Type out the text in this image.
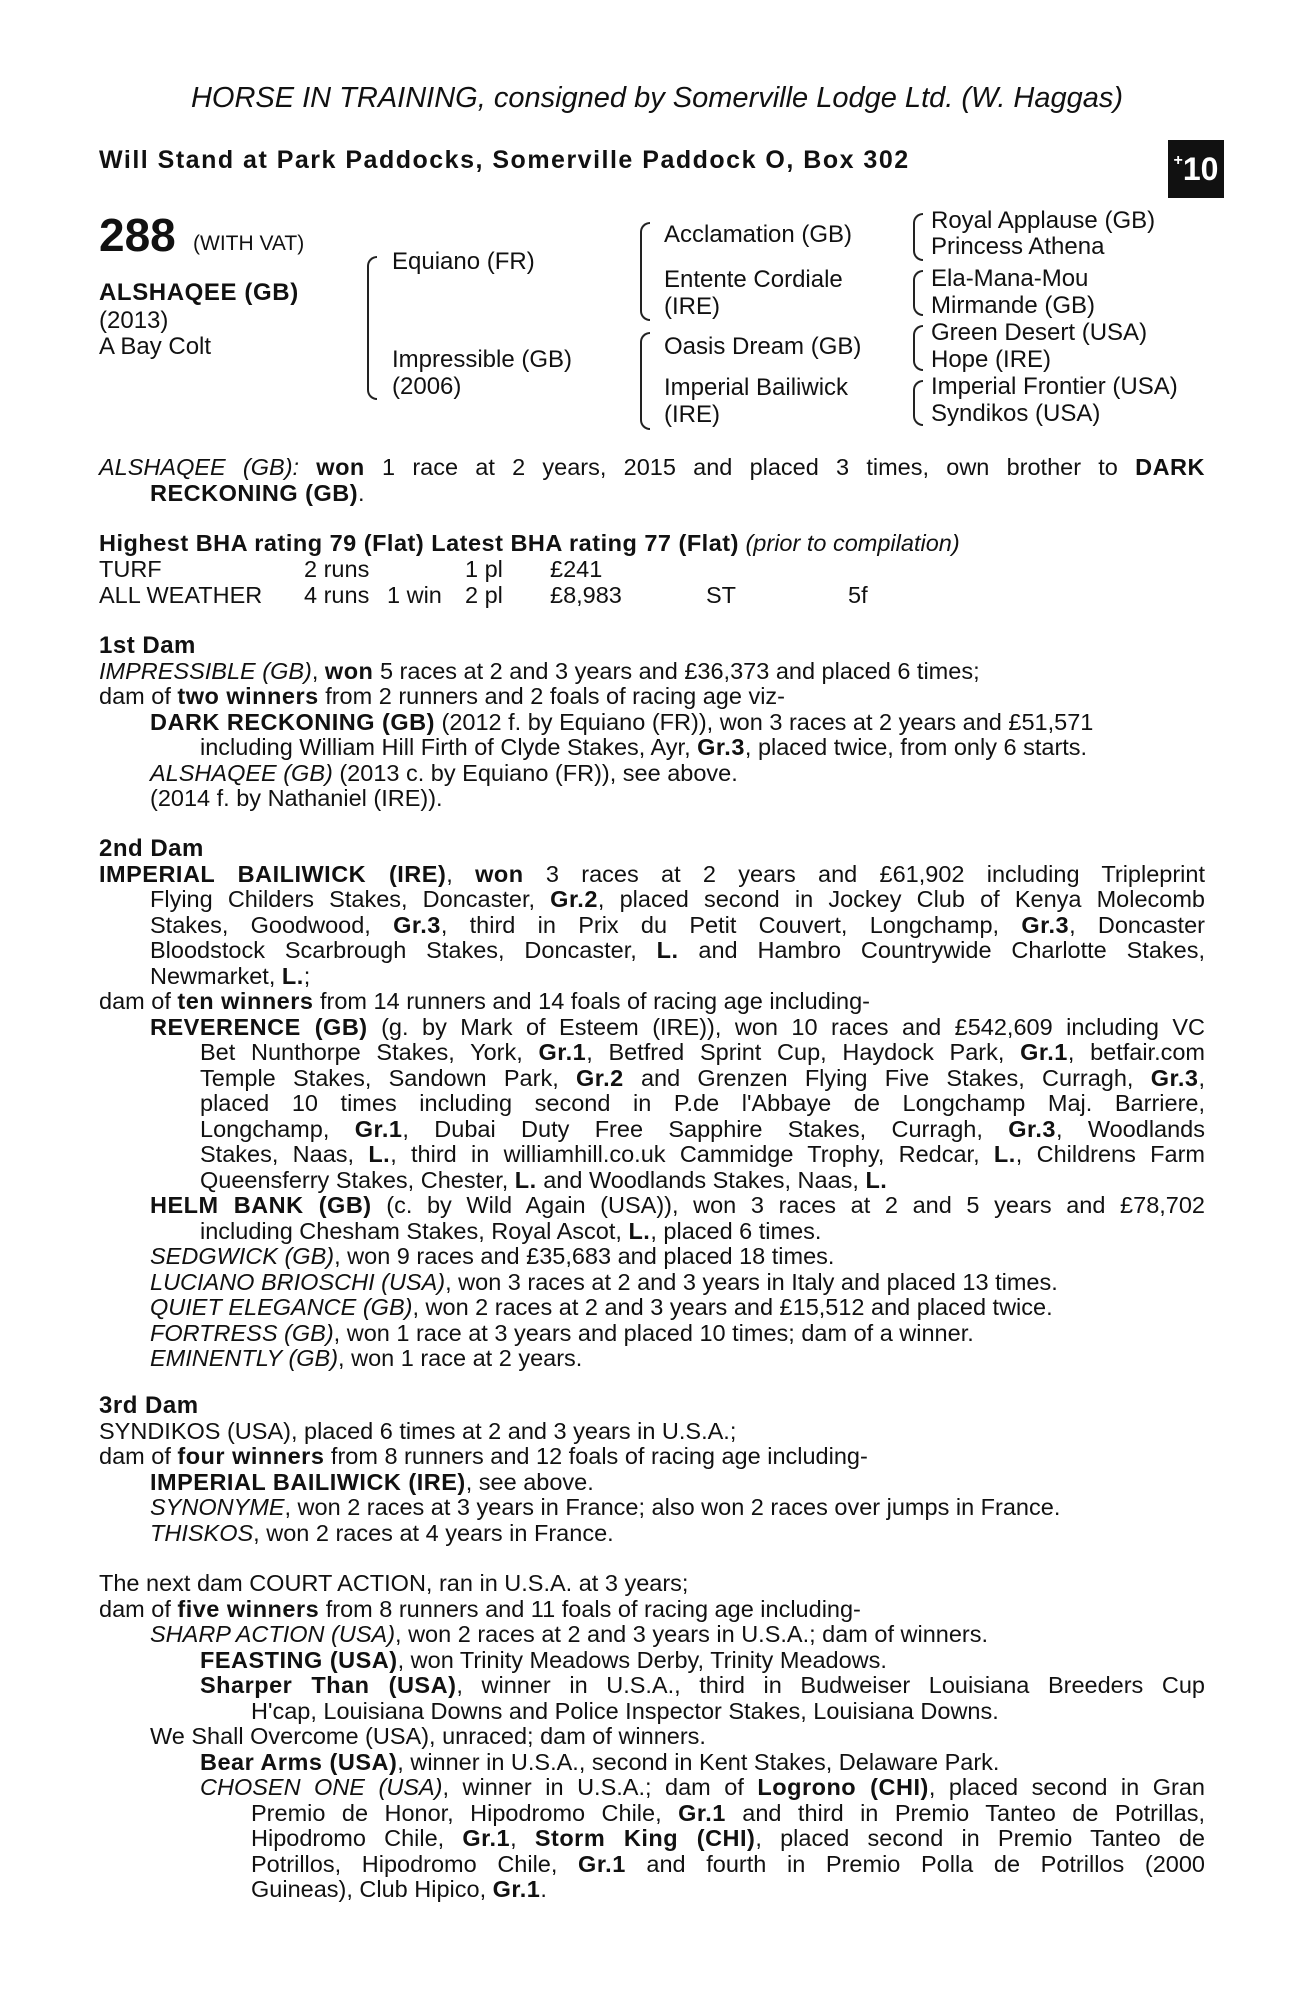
HORSE IN TRAINING, consigned by Somerville Lodge Ltd. (W. Haggas)
Will Stand at Park Paddocks, Somerville Paddock O, Box 302	+ 10
288 (WITH VAT)
ALSHAQEE (GB)
(2013)
A Bay Colt
Equiano (FR)
Impressible (GB)
(2006)
Acclamation (GB)
Entente Cordiale
(IRE)
Oasis Dream (GB)
Imperial Bailiwick
(IRE)
Royal Applause (GB)
Princess Athena
Ela-Mana-Mou
Mirmande (GB)
Green Desert (USA)
Hope (IRE)
Imperial Frontier (USA)
Syndikos (USA)
ALSHAQEE (GB): won 1 race at 2 years, 2015 and placed 3 times, own brother to DARK
RECKONING (GB).
Highest BHA rating 79 (Flat) Latest BHA rating 77 (Flat) (prior to compilation)
TURF	2 runs	1 pl £241
ALL WEATHER 4 runs 1 win 2 pl £8,983	ST	5f
1st Dam
IMPRESSIBLE (GB), won 5 races at 2 and 3 years and £36,373 and placed 6 times;
dam of two winners from 2 runners and 2 foals of racing age viz-
DARK RECKONING (GB) (2012 f. by Equiano (FR)), won 3 races at 2 years and £51,571
including William Hill Firth of Clyde Stakes, Ayr, Gr.3, placed twice, from only 6 starts.
ALSHAQEE (GB) (2013 c. by Equiano (FR)), see above.
(2014 f. by Nathaniel (IRE)).
2nd Dam
IMPERIAL BAILIWICK (IRE), won 3 races at 2 years and £61,902 including Tripleprint
Flying Childers Stakes, Doncaster, Gr.2, placed second in Jockey Club of Kenya Molecomb
Stakes, Goodwood, Gr.3, third in Prix du Petit Couvert, Longchamp, Gr.3, Doncaster
Bloodstock Scarbrough Stakes, Doncaster, L. and Hambro Countrywide Charlotte Stakes,
Newmarket, L.;
dam of ten winners from 14 runners and 14 foals of racing age including-
REVERENCE (GB) (g. by Mark of Esteem (IRE)), won 10 races and £542,609 including VC
Bet Nunthorpe Stakes, York, Gr.1, Betfred Sprint Cup, Haydock Park, Gr.1, betfair.com
Temple Stakes, Sandown Park, Gr.2 and Grenzen Flying Five Stakes, Curragh, Gr.3,
placed 10 times including second in P.de l'Abbaye de Longchamp Maj. Barriere,
Longchamp, Gr.1, Dubai Duty Free Sapphire Stakes, Curragh, Gr.3, Woodlands
Stakes, Naas, L., third in williamhill.co.uk Cammidge Trophy, Redcar, L., Childrens Farm
Queensferry Stakes, Chester, L. and Woodlands Stakes, Naas, L.
HELM BANK (GB) (c. by Wild Again (USA)), won 3 races at 2 and 5 years and £78,702
including Chesham Stakes, Royal Ascot, L., placed 6 times.
SEDGWICK (GB), won 9 races and £35,683 and placed 18 times.
LUCIANO BRIOSCHI (USA), won 3 races at 2 and 3 years in Italy and placed 13 times.
QUIET ELEGANCE (GB), won 2 races at 2 and 3 years and £15,512 and placed twice.
FORTRESS (GB), won 1 race at 3 years and placed 10 times; dam of a winner.
EMINENTLY (GB), won 1 race at 2 years.
3rd Dam
SYNDIKOS (USA), placed 6 times at 2 and 3 years in U.S.A.;
dam of four winners from 8 runners and 12 foals of racing age including-
IMPERIAL BAILIWICK (IRE), see above.
SYNONYME, won 2 races at 3 years in France; also won 2 races over jumps in France.
THISKOS, won 2 races at 4 years in France.
The next dam COURT ACTION, ran in U.S.A. at 3 years;
dam of five winners from 8 runners and 11 foals of racing age including-
SHARP ACTION (USA), won 2 races at 2 and 3 years in U.S.A.; dam of winners.
FEASTING (USA), won Trinity Meadows Derby, Trinity Meadows.
Sharper Than (USA), winner in U.S.A., third in Budweiser Louisiana Breeders Cup
H'cap, Louisiana Downs and Police Inspector Stakes, Louisiana Downs.
We Shall Overcome (USA), unraced; dam of winners.
Bear Arms (USA), winner in U.S.A., second in Kent Stakes, Delaware Park.
CHOSEN ONE (USA), winner in U.S.A.; dam of Logrono (CHI), placed second in Gran
Premio de Honor, Hipodromo Chile, Gr.1 and third in Premio Tanteo de Potrillas,
Hipodromo Chile, Gr.1, Storm King (CHI), placed second in Premio Tanteo de
Potrillos, Hipodromo Chile, Gr.1 and fourth in Premio Polla de Potrillos (2000
Guineas), Club Hipico, Gr.1.
